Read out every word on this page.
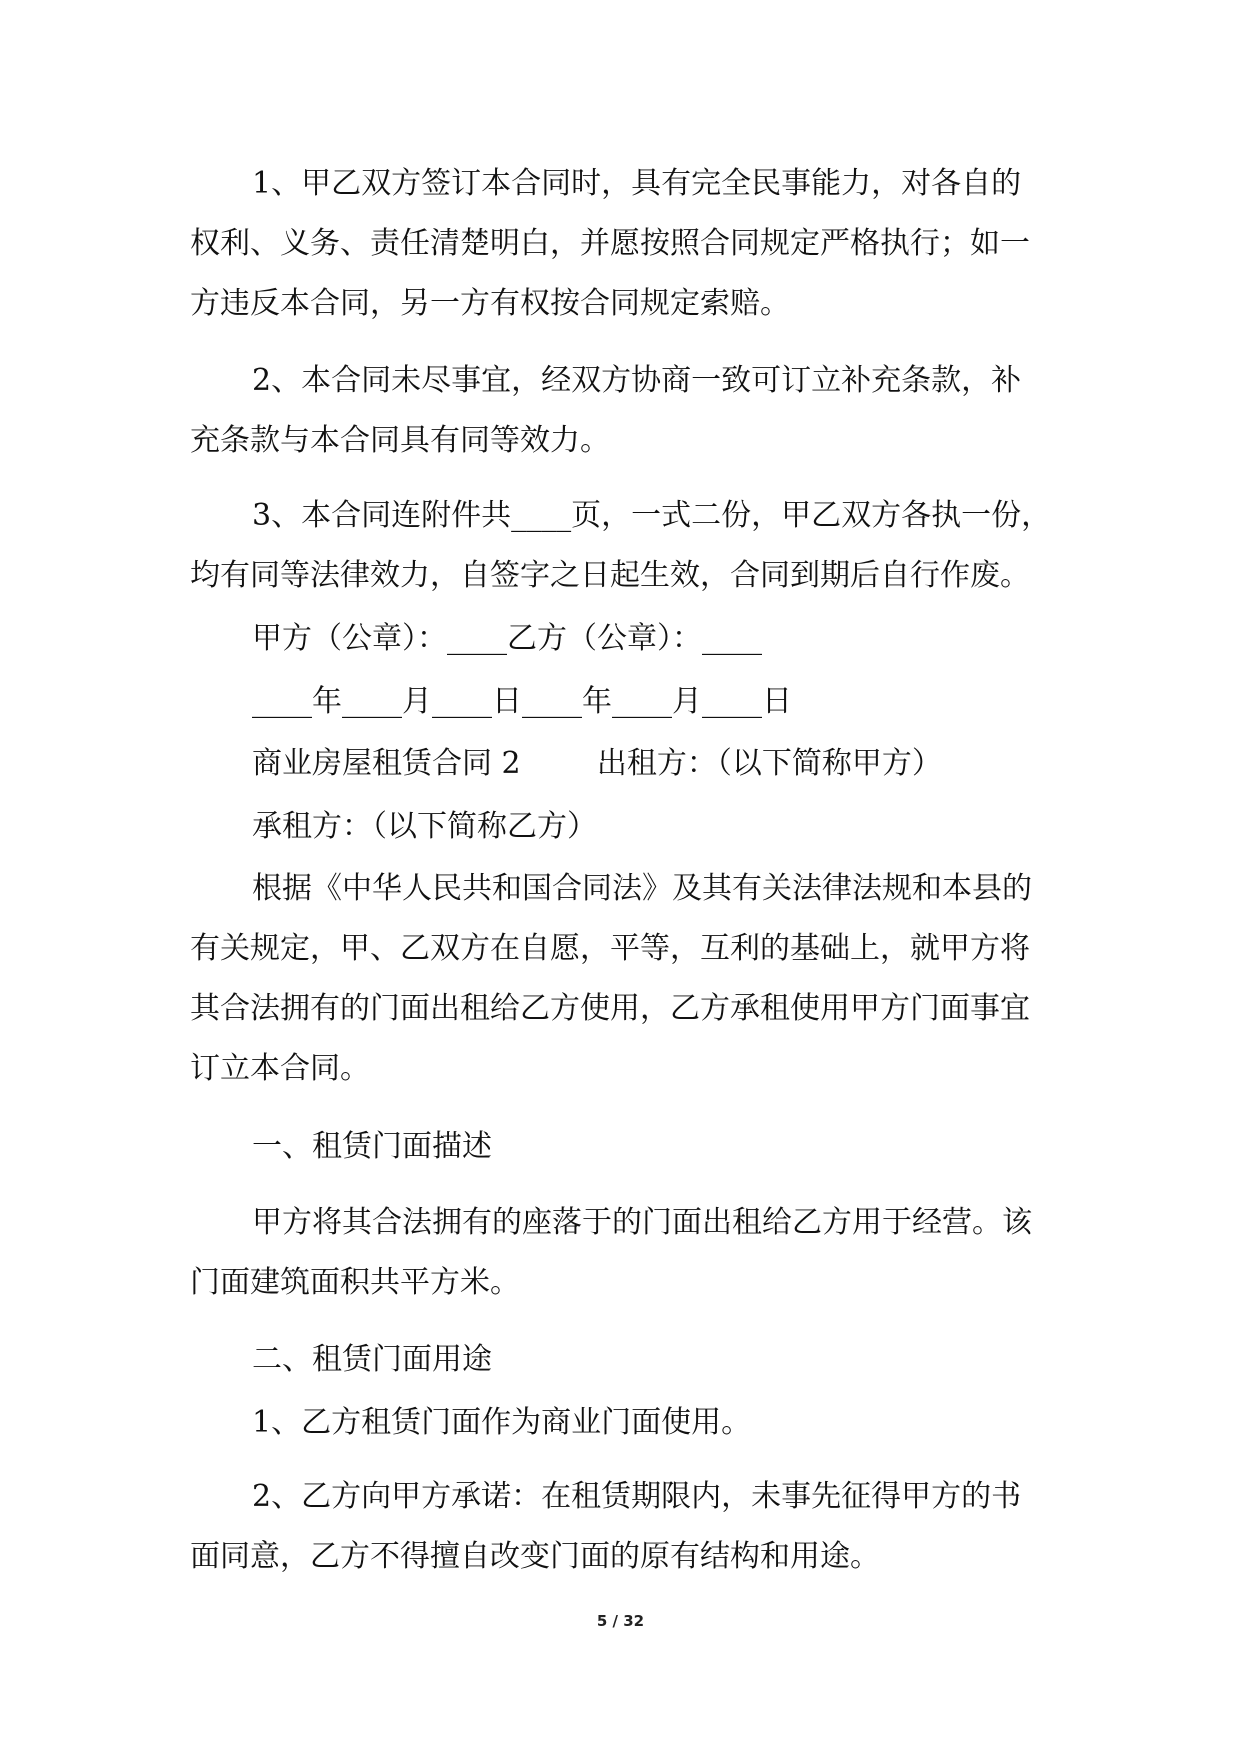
1、甲乙双方签订本合同时，具有完全民事能力，对各自的
权利、义务、责任清楚明白，并愿按照合同规定严格执行；如一
方违反本合同，另一方有权按合同规定索赔。
2、本合同未尽事宜，经双方协商一致可订立补充条款，补
充条款与本合同具有同等效力。
3、本合同连附件共____页，一式二份，甲乙双方各执一份，
均有同等法律效力，自签字之日起生效，合同到期后自行作废。
甲方（公章）：____乙方（公章）：____
____年____月____日____年____月____日
商业房屋租赁合同 2        出租方：（以下简称甲方）
承租方：（以下简称乙方）
根据《中华人民共和国合同法》及其有关法律法规和本县的
有关规定，甲、乙双方在自愿，平等，互利的基础上，就甲方将
其合法拥有的门面出租给乙方使用，乙方承租使用甲方门面事宜
订立本合同。
一、租赁门面描述
甲方将其合法拥有的座落于的门面出租给乙方用于经营。该
门面建筑面积共平方米。
二、租赁门面用途
1、乙方租赁门面作为商业门面使用。
2、乙方向甲方承诺：在租赁期限内，未事先征得甲方的书
面同意，乙方不得擅自改变门面的原有结构和用途。
5 / 32
